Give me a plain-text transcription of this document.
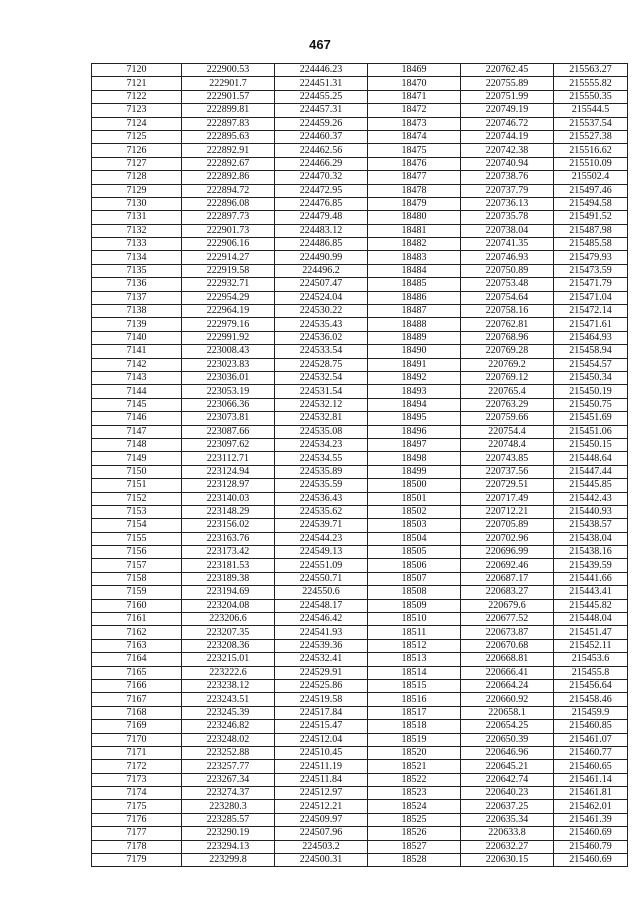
467
7120	222900.53	224446.23	18469	220762.45	215563.27
7121	222901.7	224451.31	18470	220755.89	215555.82
7122	222901.57	224455.25	18471	220751.99	215550.35
7123	222899.81	224457.31	18472	220749.19	215544.5
7124	222897.83	224459.26	18473	220746.72	215537.54
7125	222895.63	224460.37	18474	220744.19	215527.38
7126	222892.91	224462.56	18475	220742.38	215516.62
7127	222892.67	224466.29	18476	220740.94	215510.09
7128	222892.86	224470.32	18477	220738.76	215502.4
7129	222894.72	224472.95	18478	220737.79	215497.46
7130	222896.08	224476.85	18479	220736.13	215494.58
7131	222897.73	224479.48	18480	220735.78	215491.52
7132	222901.73	224483.12	18481	220738.04	215487.98
7133	222906.16	224486.85	18482	220741.35	215485.58
7134	222914.27	224490.99	18483	220746.93	215479.93
7135	222919.58	224496.2	18484	220750.89	215473.59
7136	222932.71	224507.47	18485	220753.48	215471.79
7137	222954.29	224524.04	18486	220754.64	215471.04
7138	222964.19	224530.22	18487	220758.16	215472.14
7139	222979.16	224535.43	18488	220762.81	215471.61
7140	222991.92	224536.02	18489	220768.96	215464.93
7141	223008.43	224533.54	18490	220769.28	215458.94
7142	223023.83	224528.75	18491	220769.2	215454.57
7143	223036.01	224532.54	18492	220769.12	215450.34
7144	223053.19	224531.54	18493	220765.4	215450.19
7145	223066.36	224532.12	18494	220763.29	215450.75
7146	223073.81	224532.81	18495	220759.66	215451.69
7147	223087.66	224535.08	18496	220754.4	215451.06
7148	223097.62	224534.23	18497	220748.4	215450.15
7149	223112.71	224534.55	18498	220743.85	215448.64
7150	223124.94	224535.89	18499	220737.56	215447.44
7151	223128.97	224535.59	18500	220729.51	215445.85
7152	223140.03	224536.43	18501	220717.49	215442.43
7153	223148.29	224535.62	18502	220712.21	215440.93
7154	223156.02	224539.71	18503	220705.89	215438.57
7155	223163.76	224544.23	18504	220702.96	215438.04
7156	223173.42	224549.13	18505	220696.99	215438.16
7157	223181.53	224551.09	18506	220692.46	215439.59
7158	223189.38	224550.71	18507	220687.17	215441.66
7159	223194.69	224550.6	18508	220683.27	215443.41
7160	223204.08	224548.17	18509	220679.6	215445.82
7161	223206.6	224546.42	18510	220677.52	215448.04
7162	223207.35	224541.93	18511	220673.87	215451.47
7163	223208.36	224539.36	18512	220670.68	215452.11
7164	223215.01	224532.41	18513	220668.81	215453.6
7165	223222.6	224529.91	18514	220666.41	215455.8
7166	223238.12	224525.86	18515	220664.24	215456.64
7167	223243.51	224519.58	18516	220660.92	215458.46
7168	223245.39	224517.84	18517	220658.1	215459.9
7169	223246.82	224515.47	18518	220654.25	215460.85
7170	223248.02	224512.04	18519	220650.39	215461.07
7171	223252.88	224510.45	18520	220646.96	215460.77
7172	223257.77	224511.19	18521	220645.21	215460.65
7173	223267.34	224511.84	18522	220642.74	215461.14
7174	223274.37	224512.97	18523	220640.23	215461.81
7175	223280.3	224512.21	18524	220637.25	215462.01
7176	223285.57	224509.97	18525	220635.34	215461.39
7177	223290.19	224507.96	18526	220633.8	215460.69
7178	223294.13	224503.2	18527	220632.27	215460.79
7179	223299.8	224500.31	18528	220630.15	215460.69
